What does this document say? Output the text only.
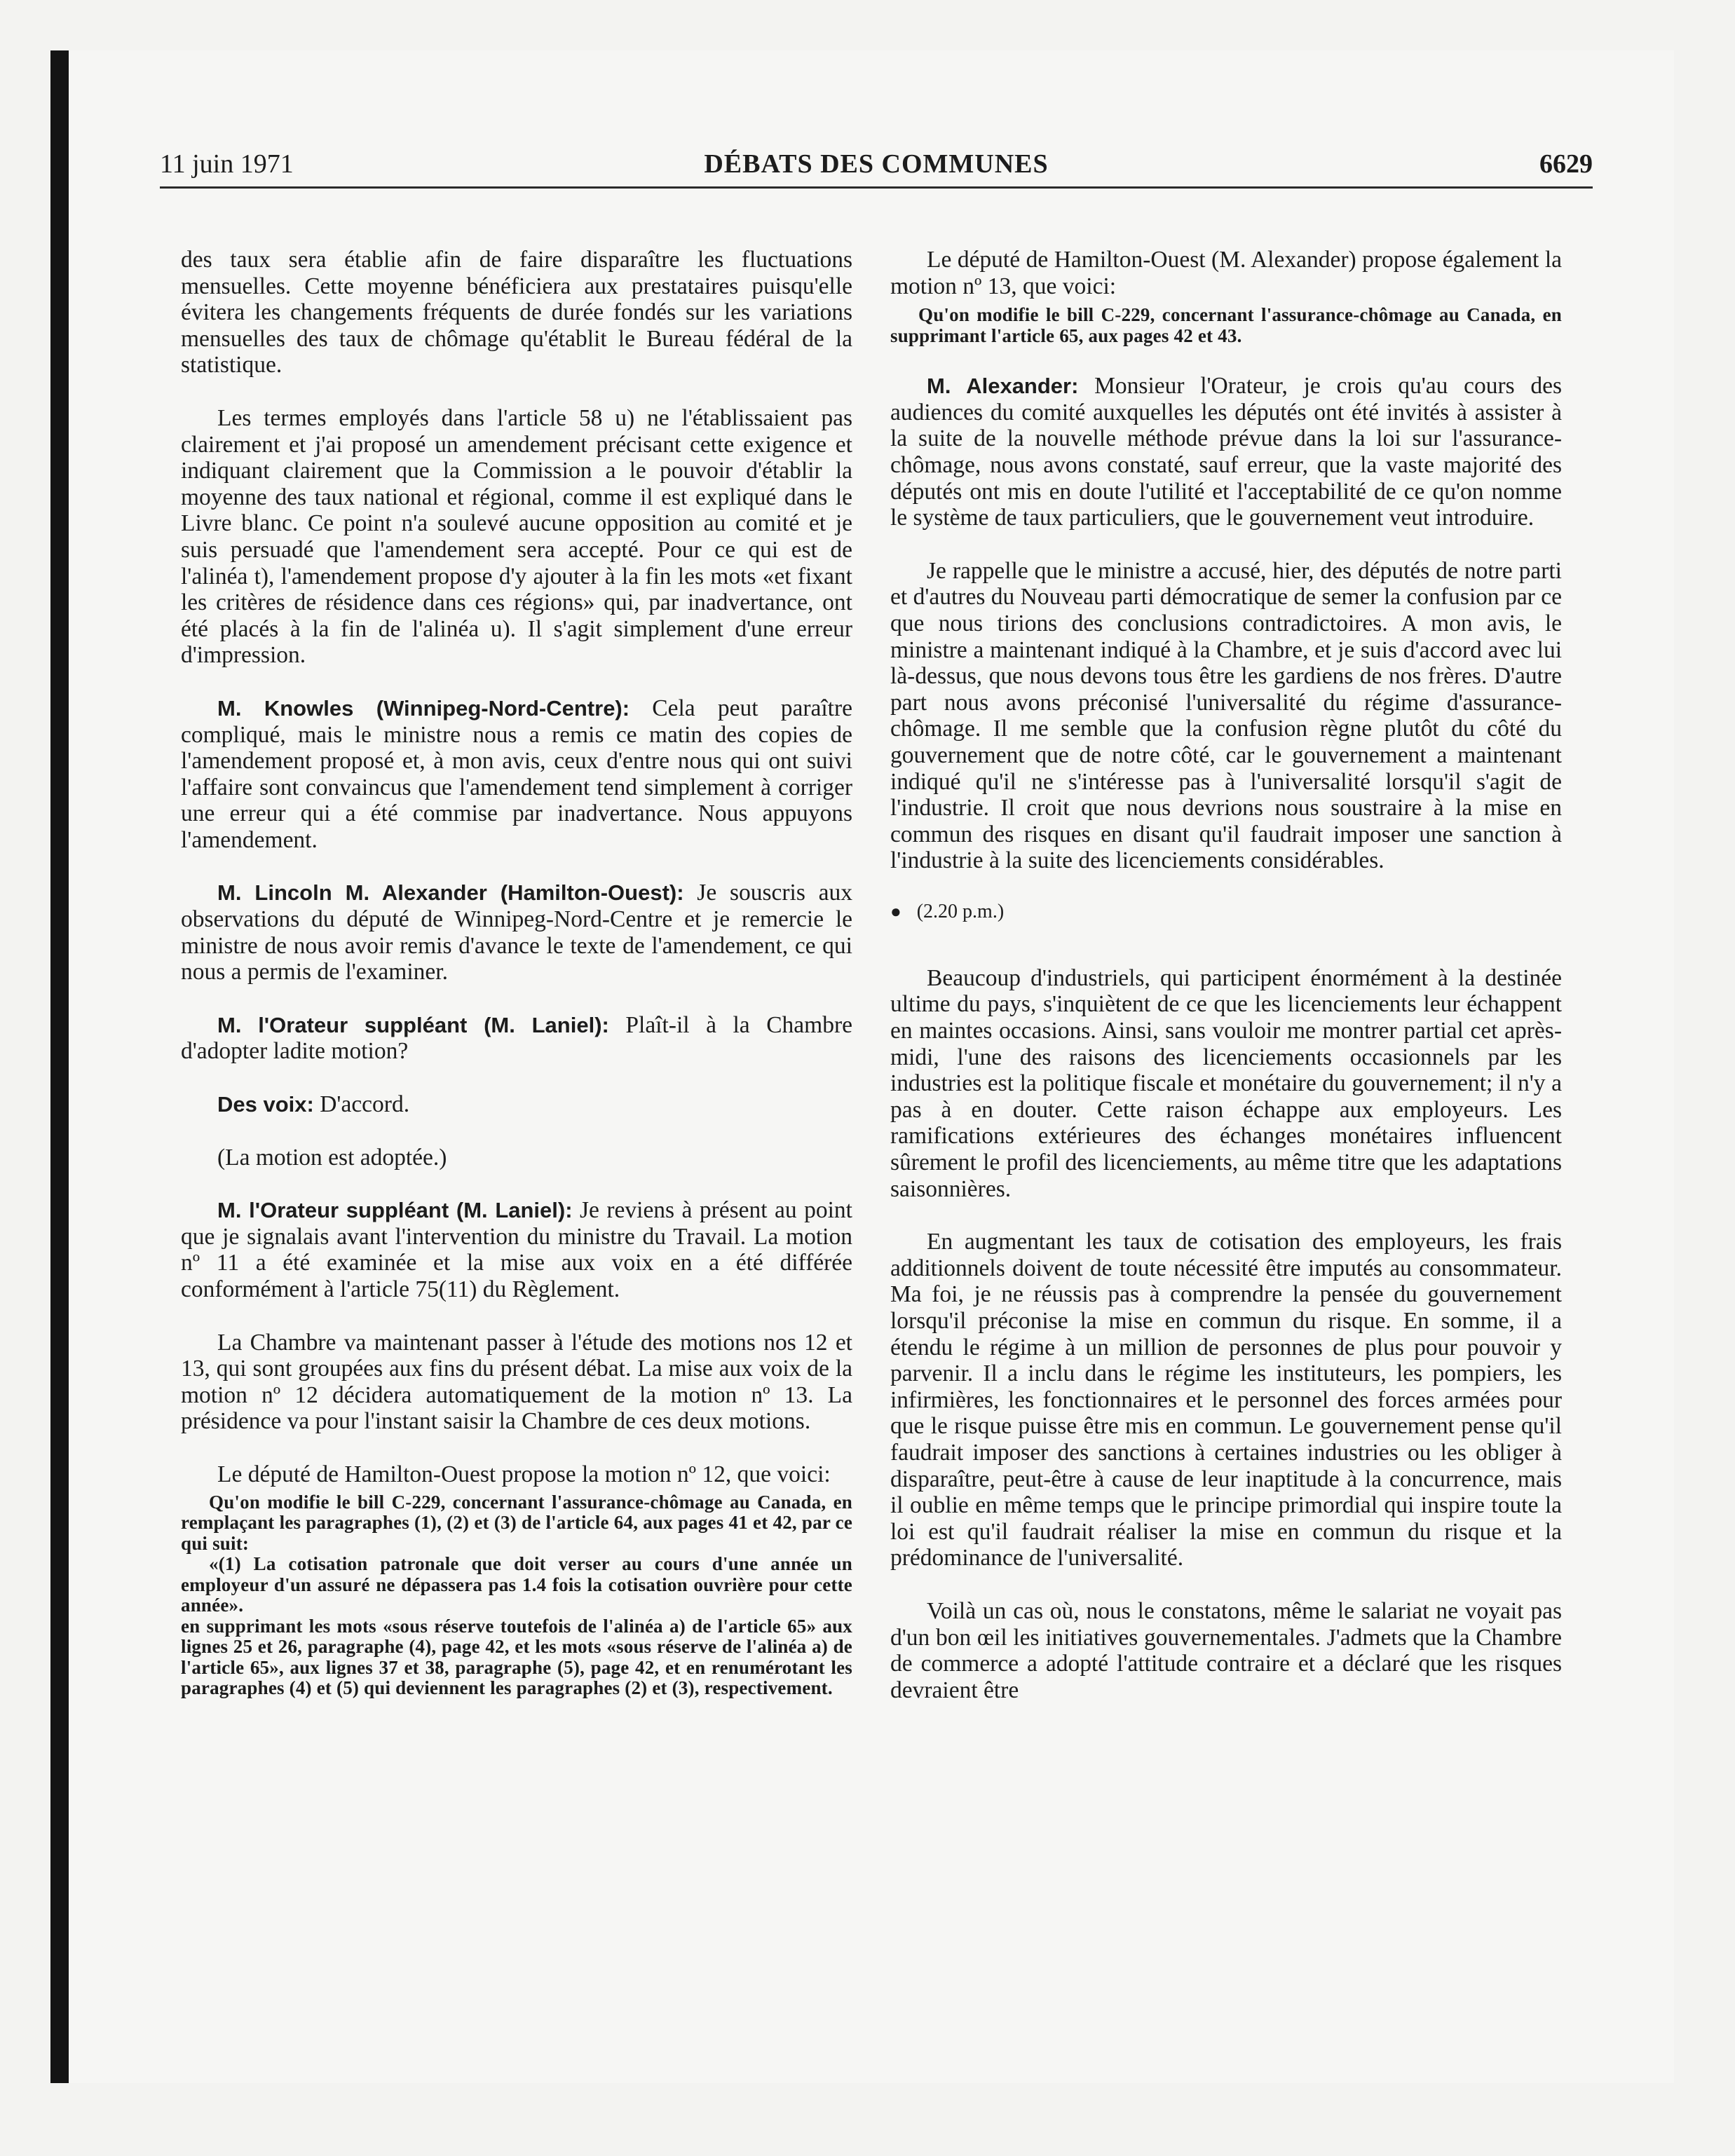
11 juin 1971	DÉBATS DES COMMUNES	6629

des taux sera établie afin de faire disparaître les fluctuations mensuelles. Cette moyenne bénéficiera aux prestataires puisqu'elle évitera les changements fréquents de durée fondés sur les variations mensuelles des taux de chômage qu'établit le Bureau fédéral de la statistique.

Les termes employés dans l'article 58 u) ne l'établissaient pas clairement et j'ai proposé un amendement précisant cette exigence et indiquant clairement que la Commission a le pouvoir d'établir la moyenne des taux national et régional, comme il est expliqué dans le Livre blanc. Ce point n'a soulevé aucune opposition au comité et je suis persuadé que l'amendement sera accepté. Pour ce qui est de l'alinéa t), l'amendement propose d'y ajouter à la fin les mots «et fixant les critères de résidence dans ces régions» qui, par inadvertance, ont été placés à la fin de l'alinéa u). Il s'agit simplement d'une erreur d'impression.

M. Knowles (Winnipeg-Nord-Centre): Cela peut paraître compliqué, mais le ministre nous a remis ce matin des copies de l'amendement proposé et, à mon avis, ceux d'entre nous qui ont suivi l'affaire sont convaincus que l'amendement tend simplement à corriger une erreur qui a été commise par inadvertance. Nous appuyons l'amendement.

M. Lincoln M. Alexander (Hamilton-Ouest): Je souscris aux observations du député de Winnipeg-Nord-Centre et je remercie le ministre de nous avoir remis d'avance le texte de l'amendement, ce qui nous a permis de l'examiner.

M. l'Orateur suppléant (M. Laniel): Plaît-il à la Chambre d'adopter ladite motion?

Des voix: D'accord.

(La motion est adoptée.)

M. l'Orateur suppléant (M. Laniel): Je reviens à présent au point que je signalais avant l'intervention du ministre du Travail. La motion nº 11 a été examinée et la mise aux voix en a été différée conformément à l'article 75(11) du Règlement.

La Chambre va maintenant passer à l'étude des motions nos 12 et 13, qui sont groupées aux fins du présent débat. La mise aux voix de la motion nº 12 décidera automatiquement de la motion nº 13. La présidence va pour l'instant saisir la Chambre de ces deux motions.

Le député de Hamilton-Ouest propose la motion nº 12, que voici:

Qu'on modifie le bill C-229, concernant l'assurance-chômage au Canada, en remplaçant les paragraphes (1), (2) et (3) de l'article 64, aux pages 41 et 42, par ce qui suit:

«(1) La cotisation patronale que doit verser au cours d'une année un employeur d'un assuré ne dépassera pas 1.4 fois la cotisation ouvrière pour cette année».

en supprimant les mots «sous réserve toutefois de l'alinéa a) de l'article 65» aux lignes 25 et 26, paragraphe (4), page 42, et les mots «sous réserve de l'alinéa a) de l'article 65», aux lignes 37 et 38, paragraphe (5), page 42, et en renumérotant les paragraphes (4) et (5) qui deviennent les paragraphes (2) et (3), respectivement.

Le député de Hamilton-Ouest (M. Alexander) propose également la motion nº 13, que voici:

Qu'on modifie le bill C-229, concernant l'assurance-chômage au Canada, en supprimant l'article 65, aux pages 42 et 43.

M. Alexander: Monsieur l'Orateur, je crois qu'au cours des audiences du comité auxquelles les députés ont été invités à assister à la suite de la nouvelle méthode prévue dans la loi sur l'assurance-chômage, nous avons constaté, sauf erreur, que la vaste majorité des députés ont mis en doute l'utilité et l'acceptabilité de ce qu'on nomme le système de taux particuliers, que le gouvernement veut introduire.

Je rappelle que le ministre a accusé, hier, des députés de notre parti et d'autres du Nouveau parti démocratique de semer la confusion par ce que nous tirions des conclusions contradictoires. A mon avis, le ministre a maintenant indiqué à la Chambre, et je suis d'accord avec lui là-dessus, que nous devons tous être les gardiens de nos frères. D'autre part nous avons préconisé l'universalité du régime d'assurance-chômage. Il me semble que la confusion règne plutôt du côté du gouvernement que de notre côté, car le gouvernement a maintenant indiqué qu'il ne s'intéresse pas à l'universalité lorsqu'il s'agit de l'industrie. Il croit que nous devrions nous soustraire à la mise en commun des risques en disant qu'il faudrait imposer une sanction à l'industrie à la suite des licenciements considérables.

● (2.20 p.m.)

Beaucoup d'industriels, qui participent énormément à la destinée ultime du pays, s'inquiètent de ce que les licenciements leur échappent en maintes occasions. Ainsi, sans vouloir me montrer partial cet après-midi, l'une des raisons des licenciements occasionnels par les industries est la politique fiscale et monétaire du gouvernement; il n'y a pas à en douter. Cette raison échappe aux employeurs. Les ramifications extérieures des échanges monétaires influencent sûrement le profil des licenciements, au même titre que les adaptations saisonnières.

En augmentant les taux de cotisation des employeurs, les frais additionnels doivent de toute nécessité être imputés au consommateur. Ma foi, je ne réussis pas à comprendre la pensée du gouvernement lorsqu'il préconise la mise en commun du risque. En somme, il a étendu le régime à un million de personnes de plus pour pouvoir y parvenir. Il a inclu dans le régime les instituteurs, les pompiers, les infirmières, les fonctionnaires et le personnel des forces armées pour que le risque puisse être mis en commun. Le gouvernement pense qu'il faudrait imposer des sanctions à certaines industries ou les obliger à disparaître, peut-être à cause de leur inaptitude à la concurrence, mais il oublie en même temps que le principe primordial qui inspire toute la loi est qu'il faudrait réaliser la mise en commun du risque et la prédominance de l'universalité.

Voilà un cas où, nous le constatons, même le salariat ne voyait pas d'un bon œil les initiatives gouvernementales. J'admets que la Chambre de commerce a adopté l'attitude contraire et a déclaré que les risques devraient être
